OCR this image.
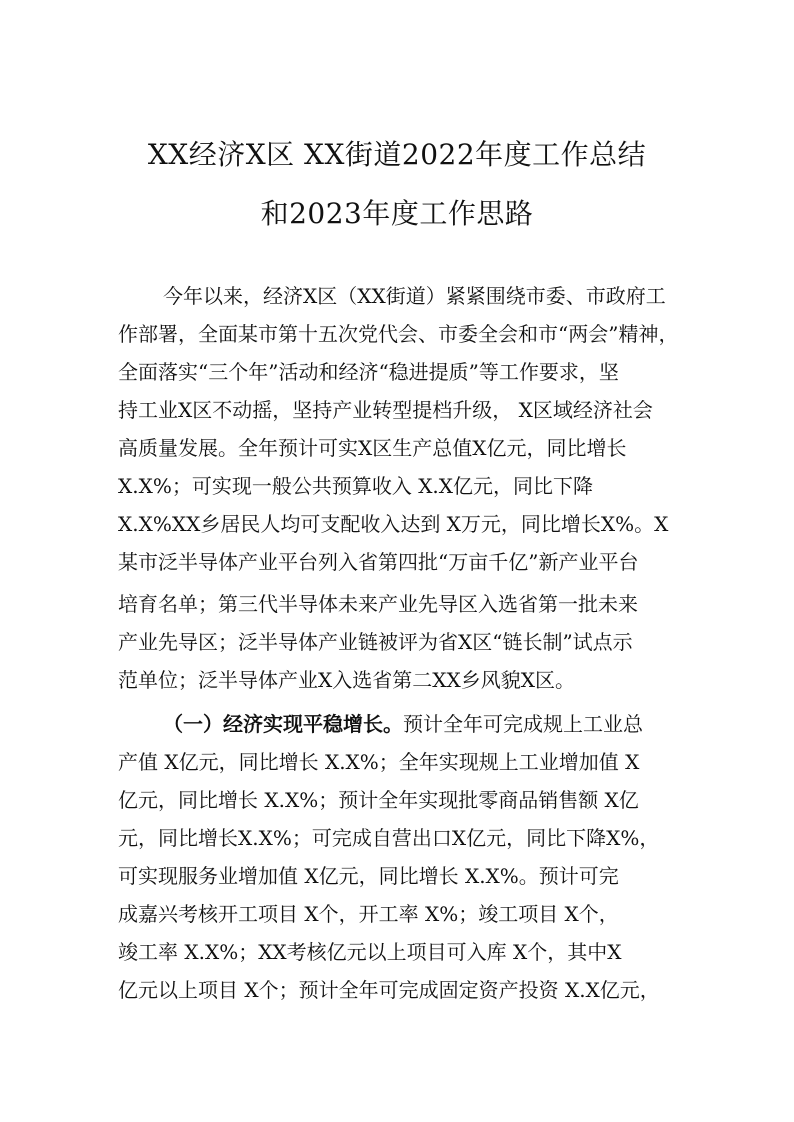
XX经济X区 XX街道2022年度工作总结
和2023年度工作思路
今年以来，经济X区（XX街道）紧紧围绕市委、市政府工
作部署，全面某市第十五次党代会、市委全会和市“两会”精神，
全面落实“三个年”活动和经济“稳进提质”等工作要求，坚
持工业X区不动摇，坚持产业转型提档升级， X区域经济社会
高质量发展。全年预计可实X区生产总值X亿元，同比增长
X.X%；可实现一般公共预算收入 X.X亿元，同比下降
X.X%XX乡居民人均可支配收入达到 X万元，同比增长X%。X
某市泛半导体产业平台列入省第四批“万亩千亿”新产业平台
培育名单；第三代半导体未来产业先导区入选省第一批未来
产业先导区；泛半导体产业链被评为省X区“链长制”试点示
范单位；泛半导体产业X入选省第二XX乡风貌X区。
（一）经济实现平稳增长。预计全年可完成规上工业总
产值 X亿元，同比增长 X.X%；全年实现规上工业增加值 X
亿元，同比增长 X.X%；预计全年实现批零商品销售额 X亿
元，同比增长X.X%；可完成自营出口X亿元，同比下降X%，
可实现服务业增加值 X亿元，同比增长 X.X%。预计可完
成嘉兴考核开工项目 X个，开工率 X%；竣工项目 X个，
竣工率 X.X%；XX考核亿元以上项目可入库 X个，其中X
亿元以上项目 X个；预计全年可完成固定资产投资 X.X亿元，
